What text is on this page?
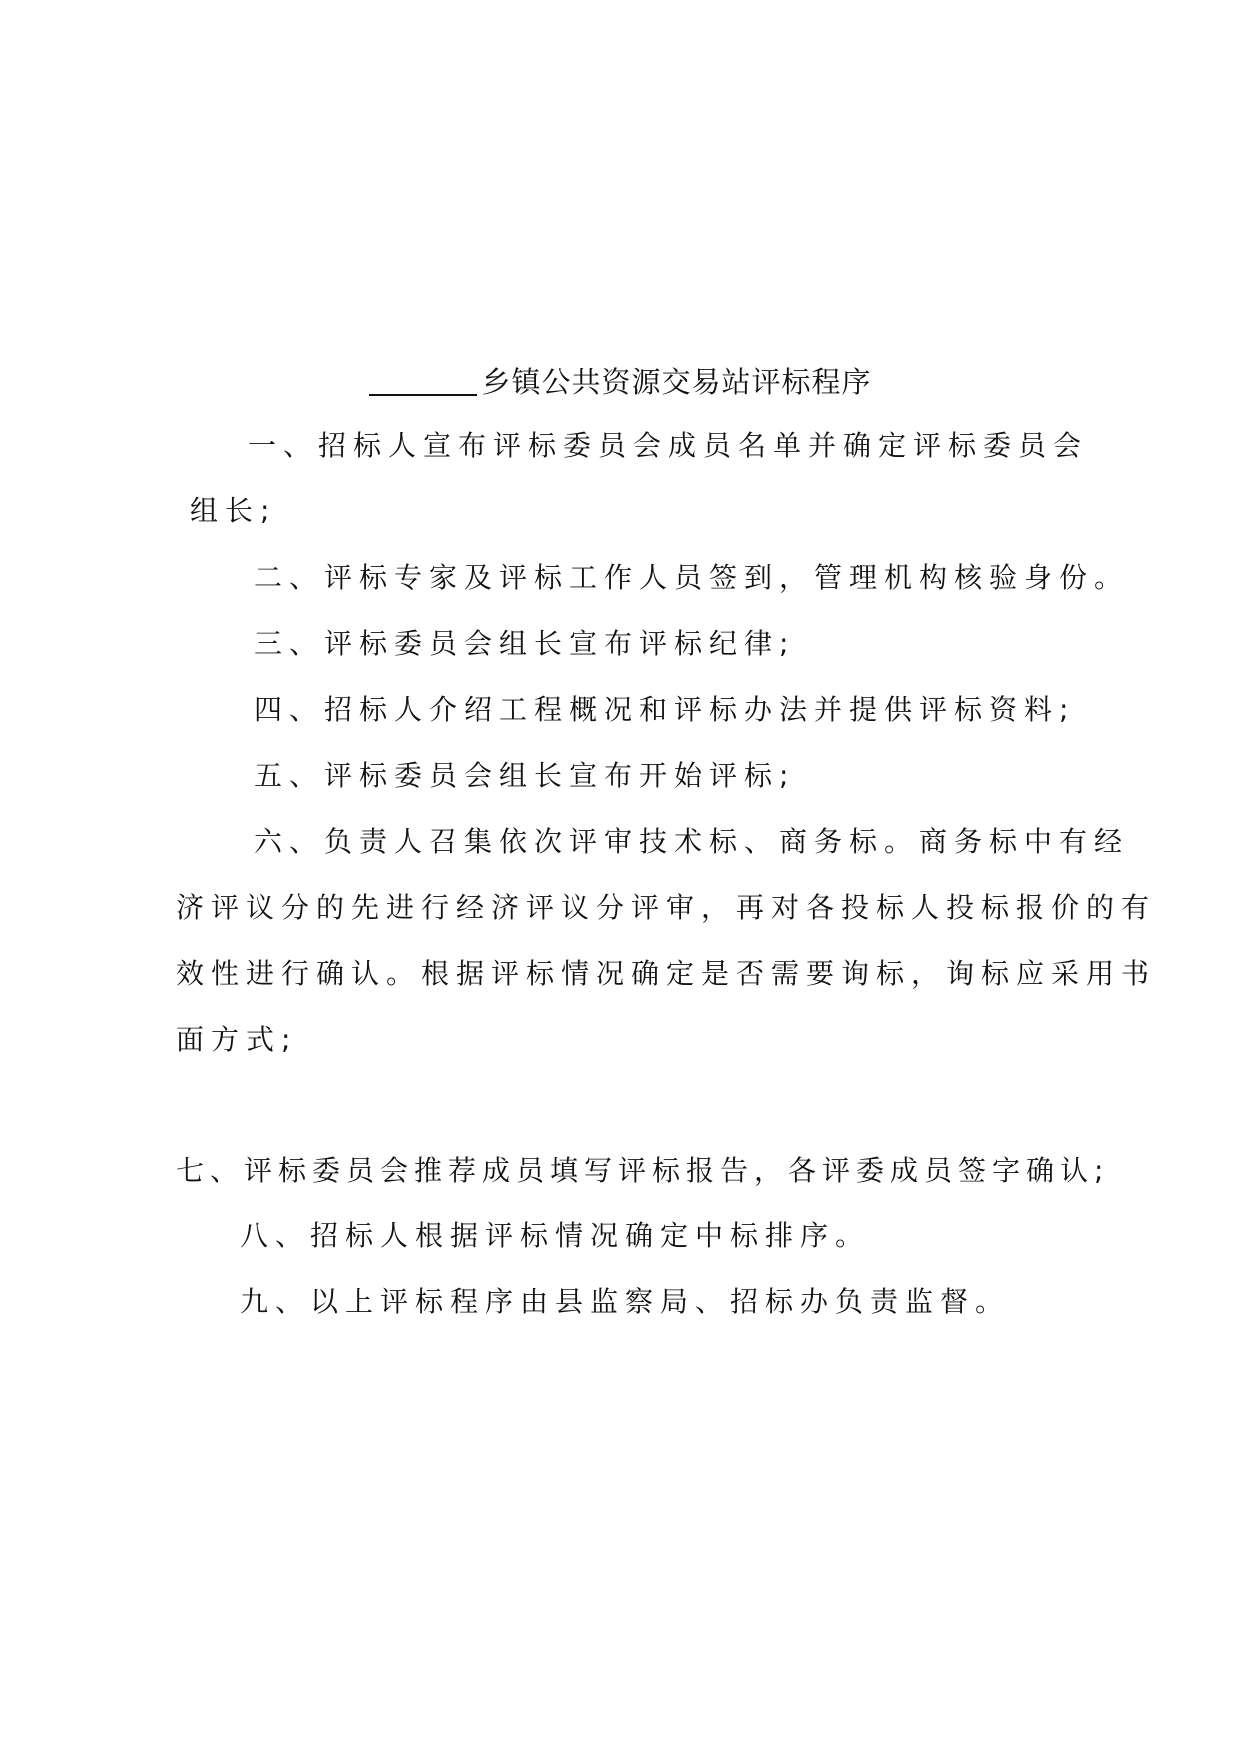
乡镇公共资源交易站评标程序
一、招标人宣布评标委员会成员名单并确定评标委员会
组长;
二、评标专家及评标工作人员签到，管理机构核验身份。
三、评标委员会组长宣布评标纪律;
四、招标人介绍工程概况和评标办法并提供评标资料;
五、评标委员会组长宣布开始评标;
六、负责人召集依次评审技术标、商务标。商务标中有经
济评议分的先进行经济评议分评审，再对各投标人投标报价的有
效性进行确认。根据评标情况确定是否需要询标，询标应采用书
面方式;
七、评标委员会推荐成员填写评标报告，各评委成员签字确认;
八、招标人根据评标情况确定中标排序。
九、以上评标程序由县监察局、招标办负责监督。
